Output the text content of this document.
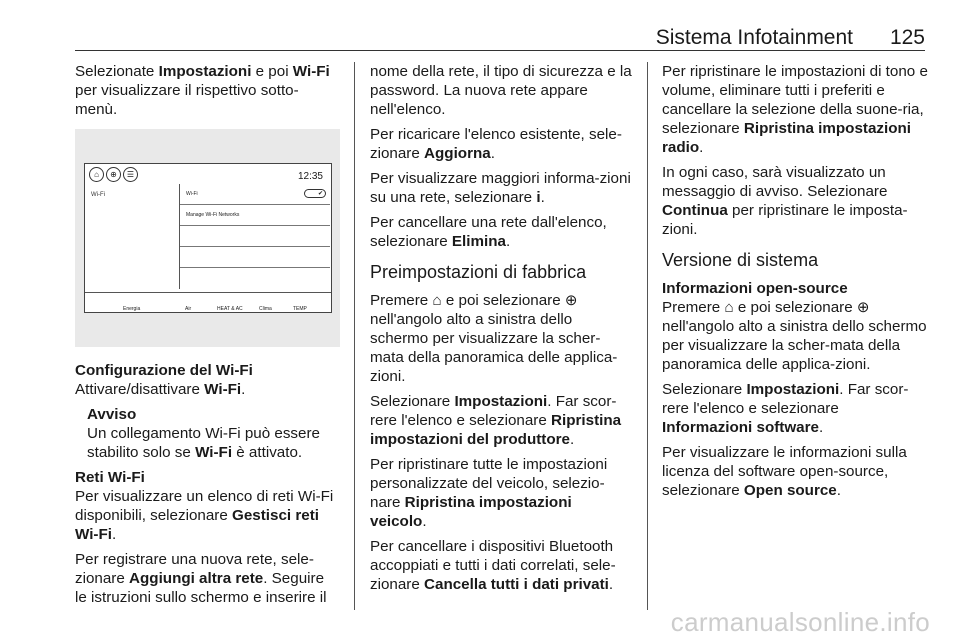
Sistema Infotainment 125

Selezionate Impostazioni e poi Wi-Fi per visualizzare il rispettivo sotto-menù.

⌂	⊕	☰	12:35
Wi-Fi	Wi-Fi	✔
Manage Wi-Fi Networks
Energia	Air	HEAT & AC	Clima	TEMP

Configurazione del Wi-Fi

Attivare/disattivare Wi-Fi.

Avviso

Un collegamento Wi-Fi può essere stabilito solo se Wi-Fi è attivato.

Reti Wi-Fi

Per visualizzare un elenco di reti Wi-Fi disponibili, selezionare Gestisci reti Wi-Fi.

Per registrare una nuova rete, sele-zionare Aggiungi altra rete. Seguire le istruzioni sullo schermo e inserire il

nome della rete, il tipo di sicurezza e la password. La nuova rete appare nell'elenco.

Per ricaricare l'elenco esistente, sele-zionare Aggiorna.

Per visualizzare maggiori informa-zioni su una rete, selezionare i.

Per cancellare una rete dall'elenco, selezionare Elimina.

Preimpostazioni di fabbrica

Premere ⌂ e poi selezionare ⊕ nell'angolo alto a sinistra dello schermo per visualizzare la scher-mata della panoramica delle applica-zioni.

Selezionare Impostazioni. Far scor-rere l'elenco e selezionare Ripristina impostazioni del produttore.

Per ripristinare tutte le impostazioni personalizzate del veicolo, selezio-nare Ripristina impostazioni veicolo.

Per cancellare i dispositivi Bluetooth accoppiati e tutti i dati correlati, sele-zionare Cancella tutti i dati privati.

Per ripristinare le impostazioni di tono e volume, eliminare tutti i preferiti e cancellare la selezione della suone-ria, selezionare Ripristina impostazioni radio.

In ogni caso, sarà visualizzato un messaggio di avviso. Selezionare Continua per ripristinare le imposta-zioni.

Versione di sistema

Informazioni open-source

Premere ⌂ e poi selezionare ⊕ nell'angolo alto a sinistra dello schermo per visualizzare la scher-mata della panoramica delle applica-zioni.

Selezionare Impostazioni. Far scor-rere l'elenco e selezionare Informazioni software.

Per visualizzare le informazioni sulla licenza del software open-source, selezionare Open source.

carmanualsonline.info
